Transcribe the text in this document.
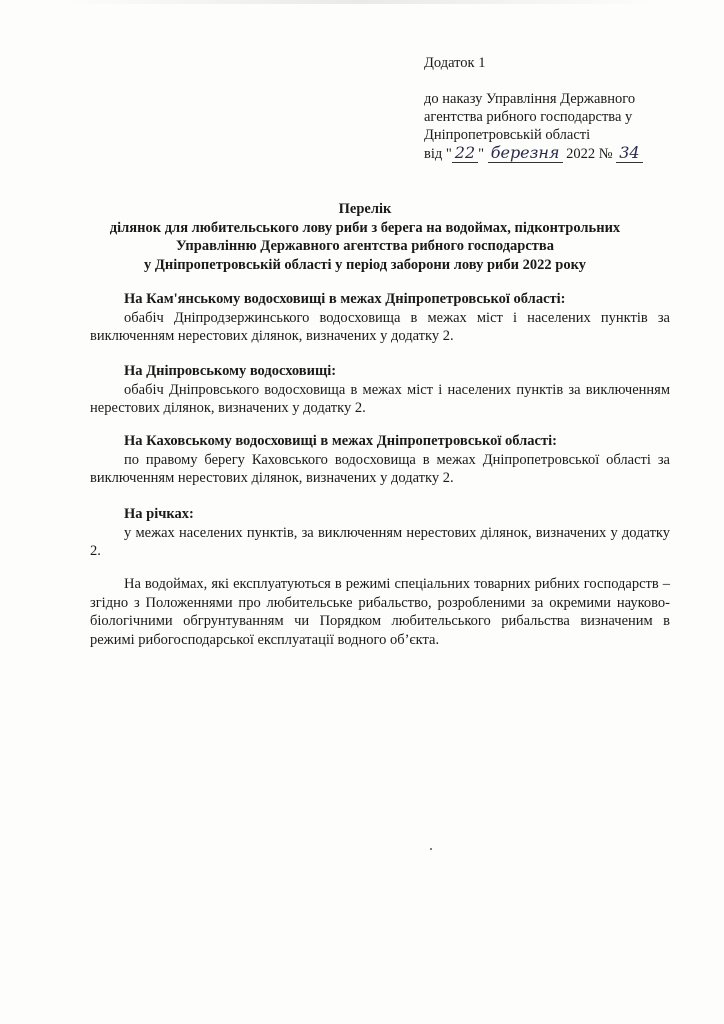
Додаток 1
до наказу Управління Державного
агентства рибного господарства у
Дніпропетровській області
від " 22 " березня 2022 № 34
Перелік
ділянок для любительського лову риби з берега на водоймах, підконтрольних
Управлінню Державного агентства рибного господарства
у Дніпропетровській області у період заборони лову риби 2022 року
На Кам'янському водосховищі в межах Дніпропетровської області:
обабіч Дніпродзержинського водосховища в межах міст і населених пунктів за виключенням нерестових ділянок, визначених у додатку 2.
На Дніпровському водосховищі:
обабіч Дніпровського водосховища в межах міст і населених пунктів за виключенням нерестових ділянок, визначених у додатку 2.
На Каховському водосховищі в межах Дніпропетровської області:
по правому берегу Каховського водосховища в межах Дніпропетровської області за виключенням нерестових ділянок, визначених у додатку 2.
На річках:
у межах населених пунктів, за виключенням нерестових ділянок, визначених у додатку 2.
На водоймах, які експлуатуються в режимі спеціальних товарних рибних господарств – згідно з Положеннями про любительське рибальство, розробленими за окремими науково-біологічними обгрунтуванням чи Порядком любительського рибальства визначеним в режимі рибогосподарської експлуатації водного об’єкта.
